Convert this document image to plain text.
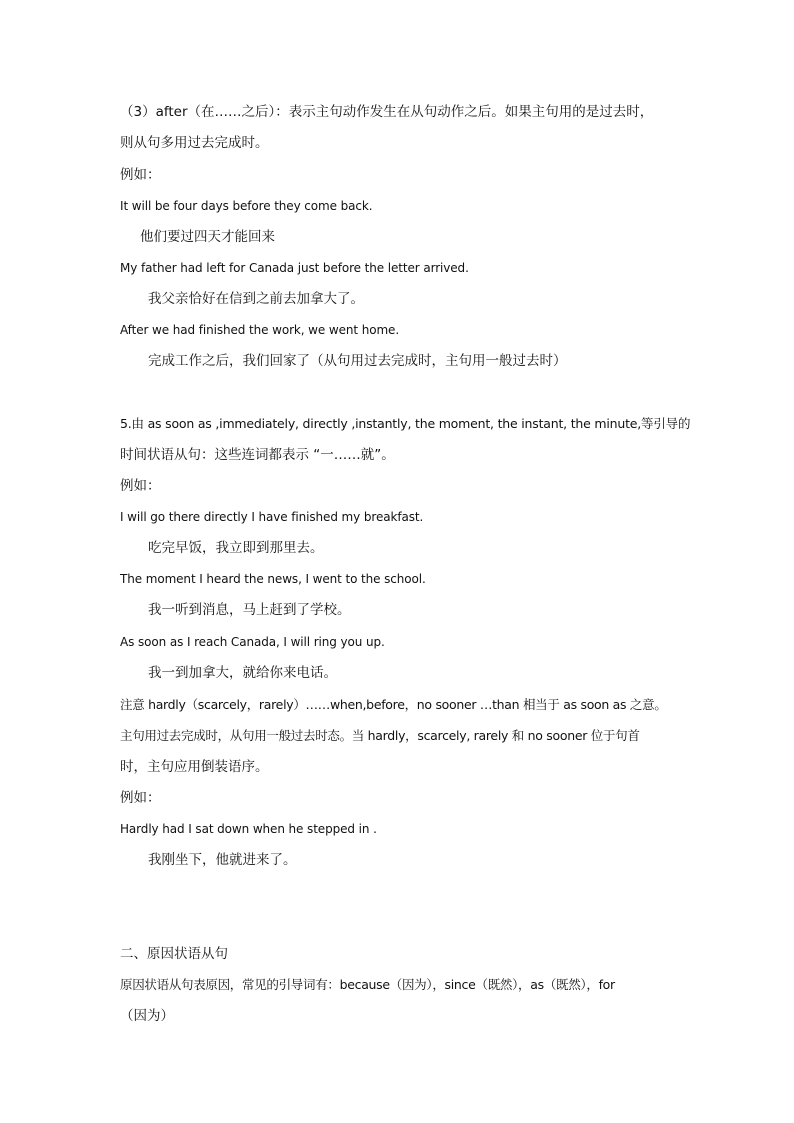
（3）after（在……之后）：表示主句动作发生在从句动作之后。如果主句用的是过去时，
则从句多用过去完成时。
例如：
It will be four days before they come back.
他们要过四天才能回来
My father had left for Canada just before the letter arrived.
我父亲恰好在信到之前去加拿大了。
After we had finished the work, we went home.
完成工作之后，我们回家了（从句用过去完成时，主句用一般过去时）
5.由 as soon as ,immediately, directly ,instantly, the moment, the instant, the minute,等引导的
时间状语从句：这些连词都表示 “一……就”。
例如：
I will go there directly I have finished my breakfast.
吃完早饭，我立即到那里去。
The moment I heard the news, I went to the school.
我一听到消息，马上赶到了学校。
As soon as I reach Canada, I will ring you up.
我一到加拿大，就给你来电话。
注意 hardly（scarcely，rarely）……when,before，no sooner …than 相当于 as soon as 之意。
主句用过去完成时，从句用一般过去时态。当 hardly，scarcely, rarely 和 no sooner 位于句首
时，主句应用倒装语序。
例如：
Hardly had I sat down when he stepped in .
我刚坐下，他就进来了。
二、原因状语从句
原因状语从句表原因，常见的引导词有：because（因为），since（既然），as（既然），for
（因为）
